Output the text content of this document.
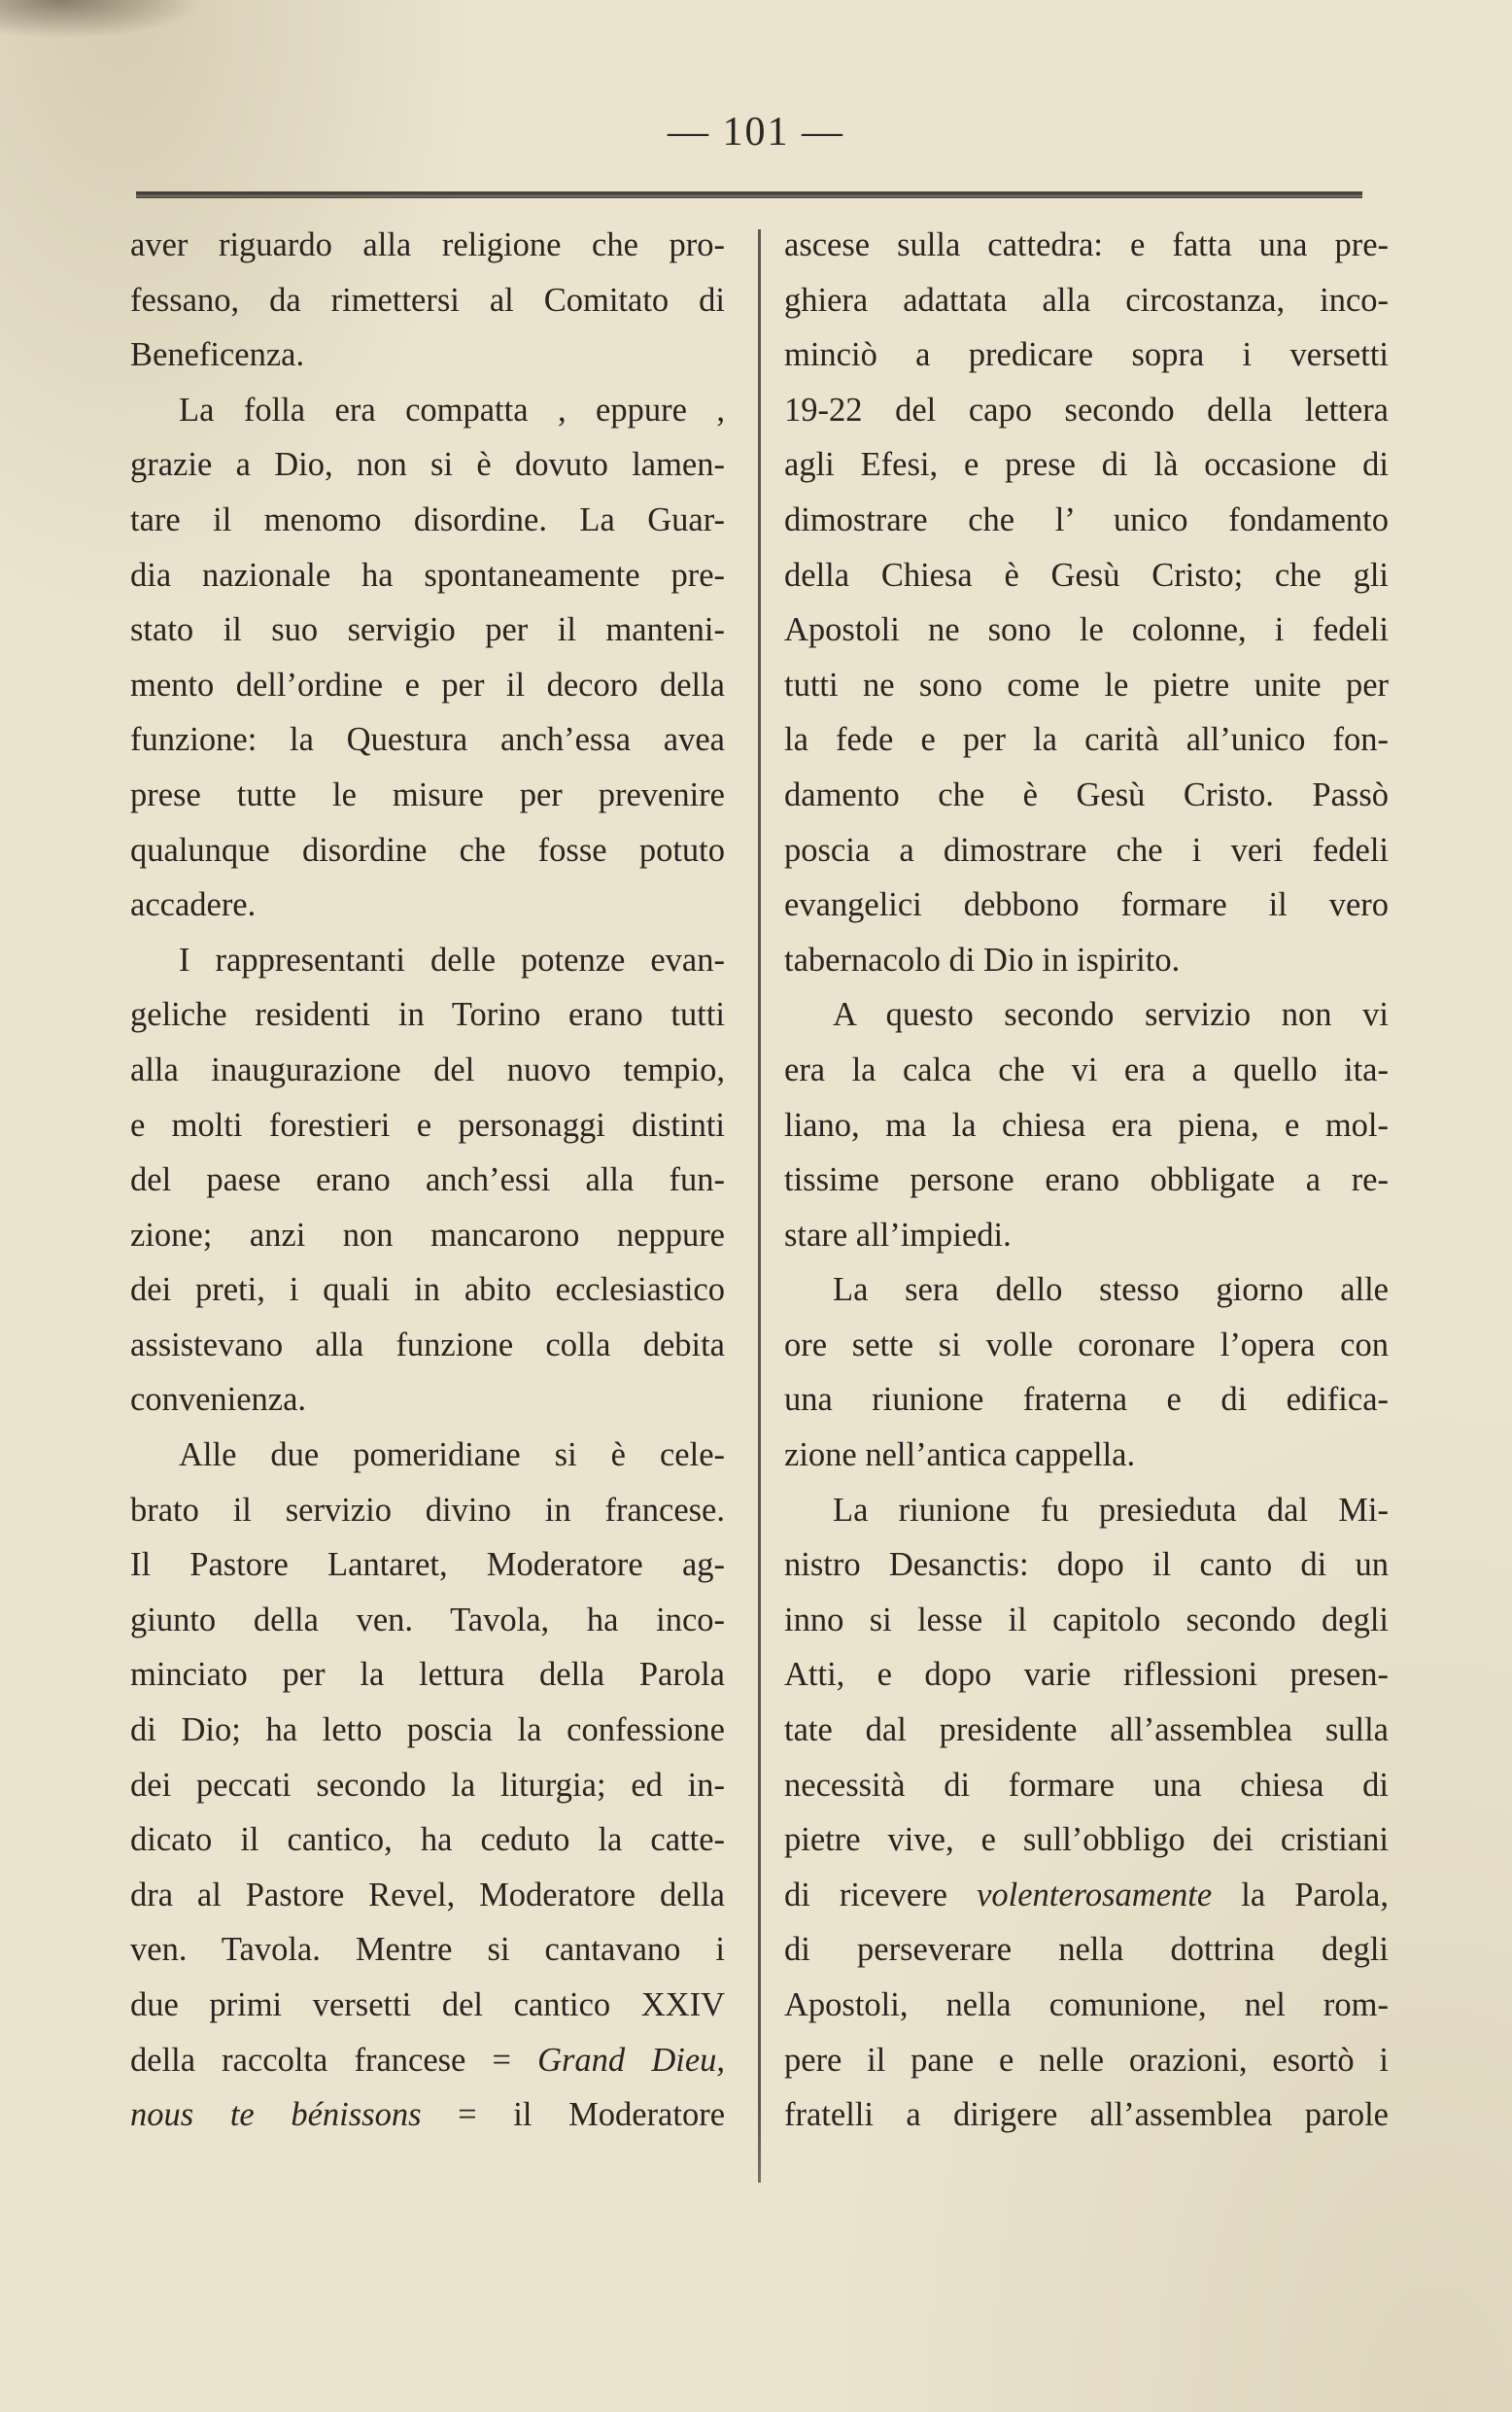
— 101 —
aver riguardo alla religione che pro-
fessano, da rimettersi al Comitato di
Beneficenza.
La folla era compatta , eppure ,
grazie a Dio, non si è dovuto lamen-
tare il menomo disordine. La Guar-
dia nazionale ha spontaneamente pre-
stato il suo servigio per il manteni-
mento dell’ordine e per il decoro della
funzione: la Questura anch’essa avea
prese tutte le misure per prevenire
qualunque disordine che fosse potuto
accadere.
I rappresentanti delle potenze evan-
geliche residenti in Torino erano tutti
alla inaugurazione del nuovo tempio,
e molti forestieri e personaggi distinti
del paese erano anch’essi alla fun-
zione; anzi non mancarono neppure
dei preti, i quali in abito ecclesiastico
assistevano alla funzione colla debita
convenienza.
Alle due pomeridiane si è cele-
brato il servizio divino in francese.
Il Pastore Lantaret, Moderatore ag-
giunto della ven. Tavola, ha inco-
minciato per la lettura della Parola
di Dio; ha letto poscia la confessione
dei peccati secondo la liturgia; ed in-
dicato il cantico, ha ceduto la catte-
dra al Pastore Revel, Moderatore della
ven. Tavola. Mentre si cantavano i
due primi versetti del cantico XXIV
della raccolta francese = Grand Dieu,
nous te bénissons = il Moderatore
ascese sulla cattedra: e fatta una pre-
ghiera adattata alla circostanza, inco-
minciò a predicare sopra i versetti
19-22 del capo secondo della lettera
agli Efesi, e prese di là occasione di
dimostrare che l’ unico fondamento
della Chiesa è Gesù Cristo; che gli
Apostoli ne sono le colonne, i fedeli
tutti ne sono come le pietre unite per
la fede e per la carità all’unico fon-
damento che è Gesù Cristo. Passò
poscia a dimostrare che i veri fedeli
evangelici debbono formare il vero
tabernacolo di Dio in ispirito.
A questo secondo servizio non vi
era la calca che vi era a quello ita-
liano, ma la chiesa era piena, e mol-
tissime persone erano obbligate a re-
stare all’impiedi.
La sera dello stesso giorno alle
ore sette si volle coronare l’opera con
una riunione fraterna e di edifica-
zione nell’antica cappella.
La riunione fu presieduta dal Mi-
nistro Desanctis: dopo il canto di un
inno si lesse il capitolo secondo degli
Atti, e dopo varie riflessioni presen-
tate dal presidente all’assemblea sulla
necessità di formare una chiesa di
pietre vive, e sull’obbligo dei cristiani
di ricevere volenterosamente la Parola,
di perseverare nella dottrina degli
Apostoli, nella comunione, nel rom-
pere il pane e nelle orazioni, esortò i
fratelli a dirigere all’assemblea parole
